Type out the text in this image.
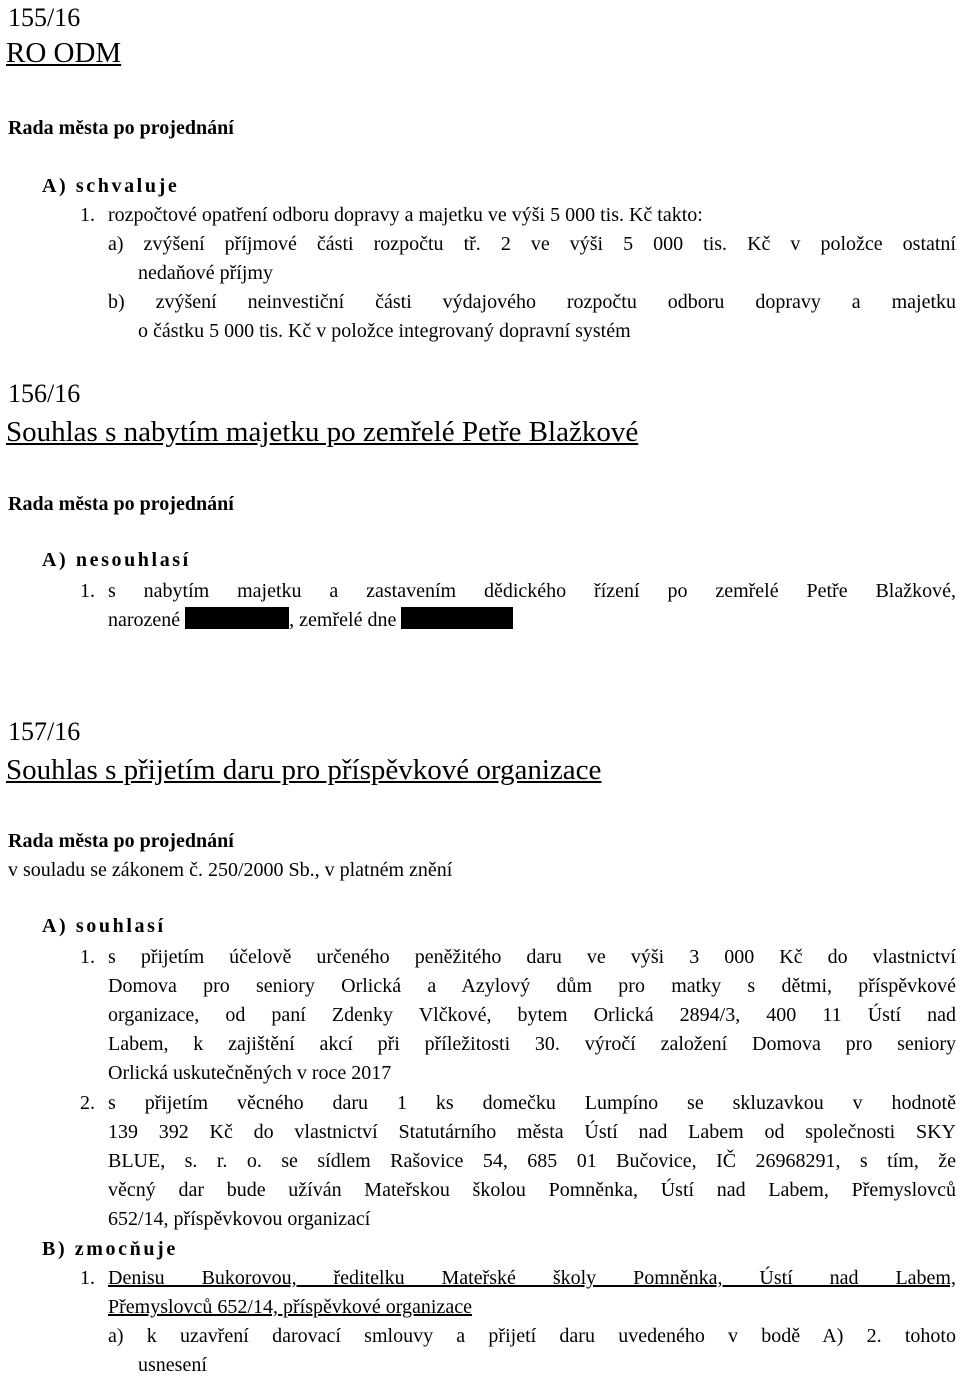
155/16
RO ODM
Rada města po projednání
A) schvaluje
1. rozpočtové opatření odboru dopravy a majetku ve výši 5 000 tis. Kč takto:
a) zvýšení příjmové části rozpočtu tř. 2 ve výši 5 000 tis. Kč v položce ostatní
nedaňové příjmy
b) zvýšení neinvestiční části výdajového rozpočtu odboru dopravy a majetku
o částku 5 000 tis. Kč v položce integrovaný dopravní systém
156/16
Souhlas s nabytím majetku po zemřelé Petře Blažkové
Rada města po projednání
A) nesouhlasí
1. s nabytím majetku a zastavením dědického řízení po zemřelé Petře Blažkové,
narozené	, zemřelé dne
157/16
Souhlas s přijetím daru pro příspěvkové organizace
Rada města po projednání
v souladu se zákonem č. 250/2000 Sb., v platném znění
A) souhlasí
1. s přijetím účelově určeného peněžitého daru ve výši 3 000 Kč do vlastnictví
Domova pro seniory Orlická a Azylový dům pro matky s dětmi, příspěvkové
organizace, od paní Zdenky Vlčkové, bytem Orlická 2894/3, 400 11 Ústí nad
Labem, k zajištění akcí při příležitosti 30. výročí založení Domova pro seniory
Orlická uskutečněných v roce 2017
2. s přijetím věcného daru 1 ks domečku Lumpíno se skluzavkou v hodnotě
139 392 Kč do vlastnictví Statutárního města Ústí nad Labem od společnosti SKY
BLUE, s. r. o. se sídlem Rašovice 54, 685 01 Bučovice, IČ 26968291, s tím, že
věcný dar bude užíván Mateřskou školou Pomněnka, Ústí nad Labem, Přemyslovců
652/14, příspěvkovou organizací
B) zmocňuje
1. Denisu Bukorovou, ředitelku Mateřské školy Pomněnka, Ústí nad Labem,
Přemyslovců 652/14, příspěvkové organizace
a) k uzavření darovací smlouvy a přijetí daru uvedeného v bodě A) 2. tohoto
usnesení
